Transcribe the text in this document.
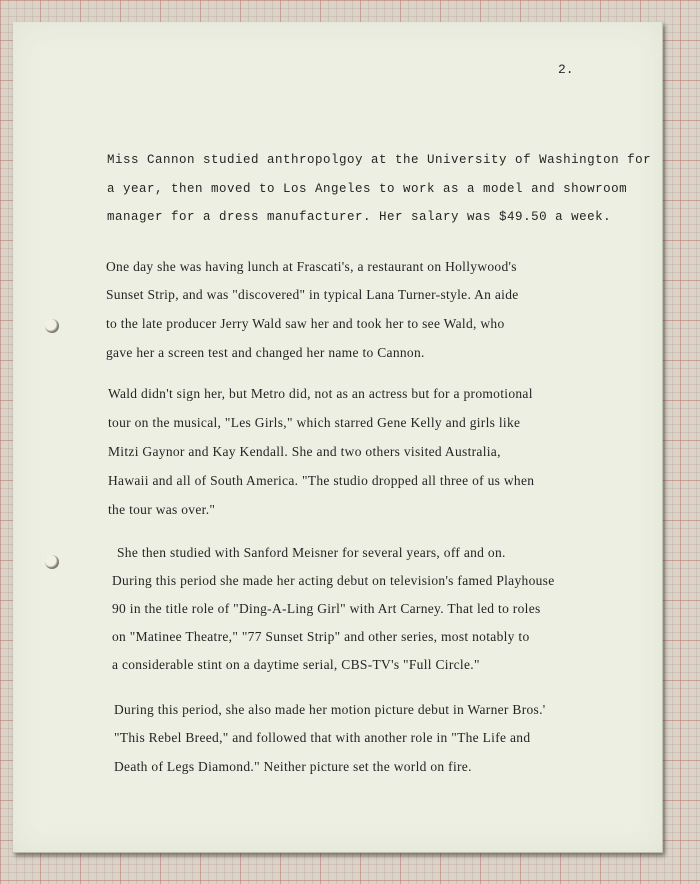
2.
Miss Cannon studied anthropolgoy at the University of Washington for
a year, then moved to Los Angeles to work as a model and showroom
manager for a dress manufacturer. Her salary was $49.50 a week.
One day she was having lunch at Frascati's, a restaurant on Hollywood's
Sunset Strip, and was "discovered" in typical Lana Turner-style. An aide
to the late producer Jerry Wald saw her and took her to see Wald, who
gave her a screen test and changed her name to Cannon.
Wald didn't sign her, but Metro did, not as an actress but for a promotional
tour on the musical, "Les Girls," which starred Gene Kelly and girls like
Mitzi Gaynor and Kay Kendall. She and two others visited Australia,
Hawaii and all of South America. "The studio dropped all three of us when
the tour was over."
She then studied with Sanford Meisner for several years, off and on.
During this period she made her acting debut on television's famed Playhouse
90 in the title role of "Ding-A-Ling Girl" with Art Carney. That led to roles
on "Matinee Theatre," "77 Sunset Strip" and other series, most notably to
a considerable stint on a daytime serial, CBS-TV's "Full Circle."
During this period, she also made her motion picture debut in Warner Bros.'
"This Rebel Breed," and followed that with another role in "The Life and
Death of Legs Diamond." Neither picture set the world on fire.
